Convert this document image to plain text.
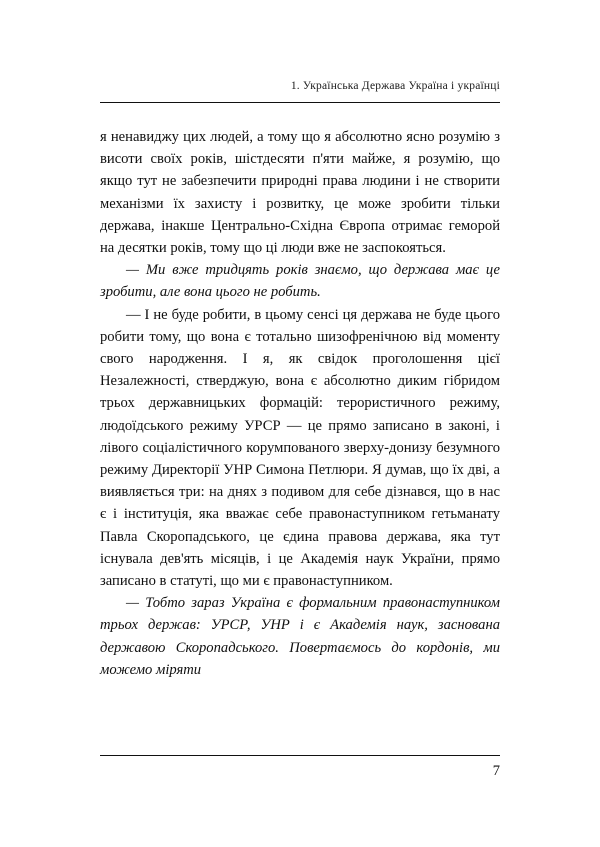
1. Українська Держава Україна і українці

я ненавиджу цих людей, а тому що я абсолютно ясно розумію з висоти своїх років, шістдесяти п'яти майже, я розумію, що якщо тут не забезпечити природні права людини і не створити механізми їх захисту і розвитку, це може зробити тільки держава, інакше Центрально-Східна Європа отримає геморой на десятки років, тому що ці люди вже не заспокояться.

— Ми вже тридцять років знаємо, що держава має це зробити, але вона цього не робить.

— І не буде робити, в цьому сенсі ця держава не буде цього робити тому, що вона є тотально шизофренічною від моменту свого народження. І я, як свідок проголошення цієї Незалежності, стверджую, вона є абсолютно диким гібридом трьох державницьких формацій: терористичного режиму, людоїдського режиму УРСР — це прямо записано в законі, і лівого соціалістичного корумпованого зверху-донизу безумного режиму Директорії УНР Симона Петлюри. Я думав, що їх дві, а виявляється три: на днях з подивом для себе дізнався, що в нас є і інституція, яка вважає себе правонаступником гетьманату Павла Скоропадського, це єдина правова держава, яка тут існувала дев'ять місяців, і це Академія наук України, прямо записано в статуті, що ми є правонаступником.

— Тобто зараз Україна є формальним правонаступником трьох держав: УРСР, УНР і є Академія наук, заснована державою Скоропадського. Повертаємось до кордонів, ми можемо міряти

7
